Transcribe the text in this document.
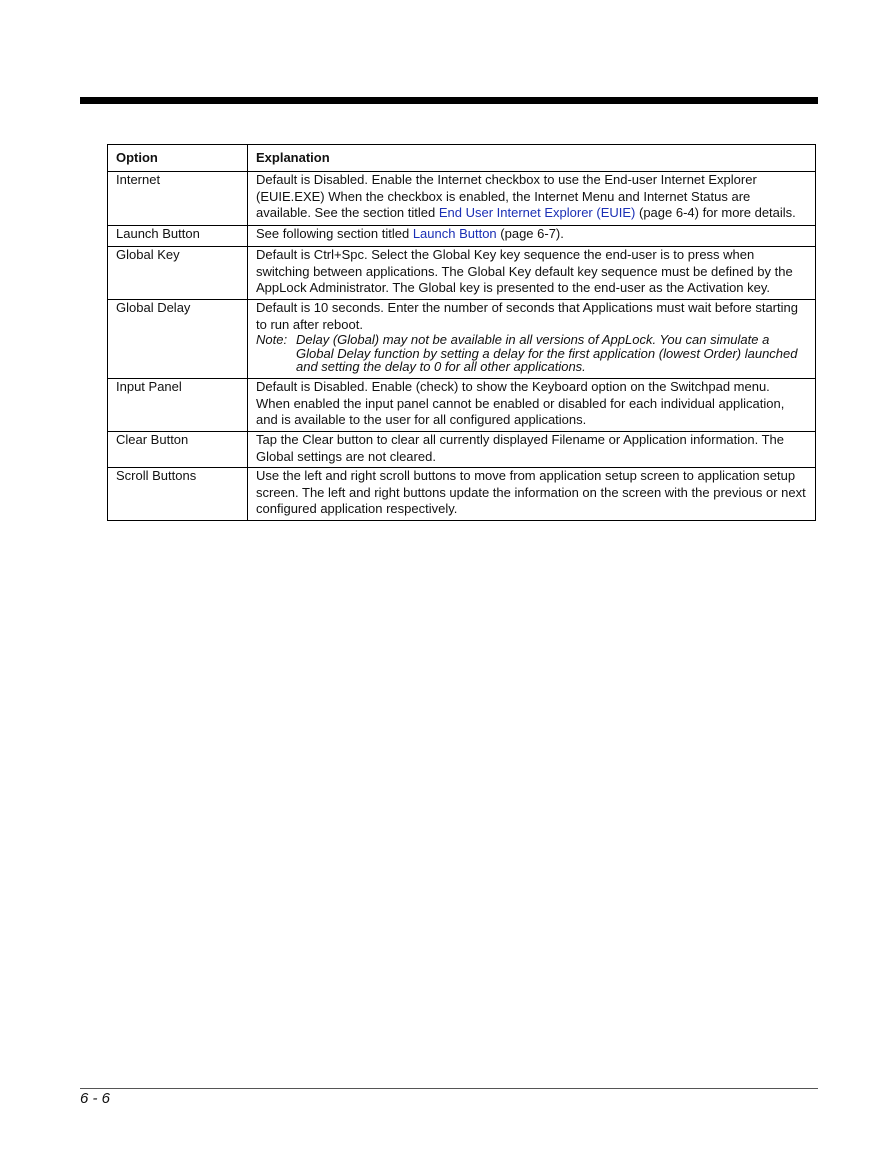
Option	Explanation
Internet	Default is Disabled. Enable the Internet checkbox to use the End-user Internet Explorer (EUIE.EXE) When the checkbox is enabled, the Internet Menu and Internet Status are available. See the section titled End User Internet Explorer (EUIE) (page 6-4) for more details.
Launch Button	See following section titled Launch Button (page 6-7).
Global Key	Default is Ctrl+Spc. Select the Global Key key sequence the end-user is to press when switching between applications. The Global Key default key sequence must be defined by the AppLock Administrator. The Global key is presented to the end-user as the Activation key.
Global Delay	Default is 10 seconds. Enter the number of seconds that Applications must wait before starting to run after reboot.
Note: Delay (Global) may not be available in all versions of AppLock. You can simulate a Global Delay function by setting a delay for the first application (lowest Order) launched and setting the delay to 0 for all other applications.

Input Panel	Default is Disabled. Enable (check) to show the Keyboard option on the Switchpad menu. When enabled the input panel cannot be enabled or disabled for each individual application, and is available to the user for all configured applications.
Clear Button	Tap the Clear button to clear all currently displayed Filename or Application information. The Global settings are not cleared.
Scroll Buttons	Use the left and right scroll buttons to move from application setup screen to application setup screen. The left and right buttons update the information on the screen with the previous or next configured application respectively.
6 - 6
